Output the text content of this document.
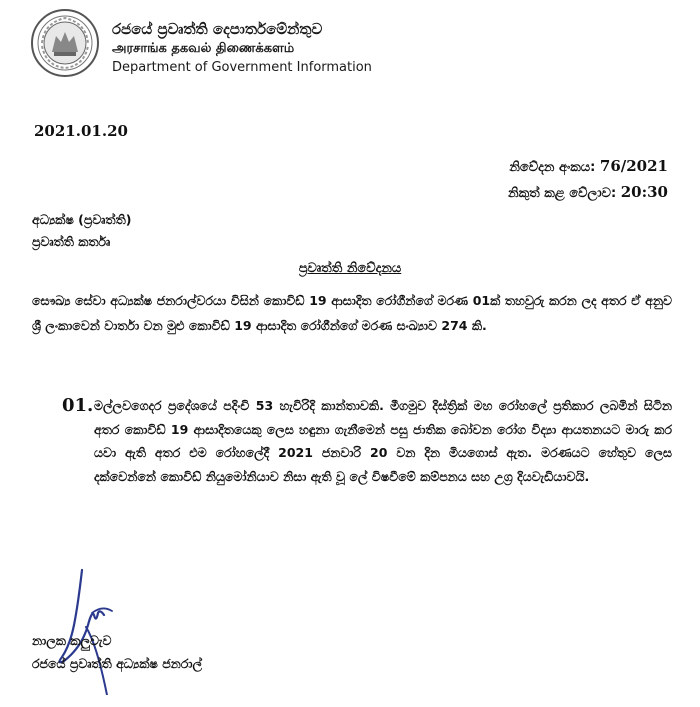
රජයේ ප්‍රවෘත්ති දෙපාර්තමේන්තුව
அரசாங்க தகவல் திணைக்களம்
Department of Government Information
2021.01.20
නිවේදන අංකය: 76/2021
නිකුත් කළ වේලාව: 20:30
අධ්‍යක්ෂ (ප්‍රවෘත්ති)
ප්‍රවෘත්ති කර්තෘ
ප්‍රවෘත්ති නිවේදනය
සෞඛ්‍ය සේවා අධ්‍යක්ෂ ජනරාල්වරයා විසින් කොවිඩ් 19 ආසාදිත රෝගීන්ගේ මරණ 01ක් තහවුරු කරන ලද අතර ඒ අනුව ශ්‍රී ලංකාවෙන් වාර්තා වන මුළු කොවිඩ් 19 ආසාදිත රෝගීන්ගේ මරණ සංඛ්‍යාව 274 කි.
01. මල්ලවගෙදර ප්‍රදේශයේ පදිංචි 53 හැවිරිදි කාන්තාවකි. මීගමුව දිස්ත්‍රික් මහ රෝහලේ ප්‍රතිකාර ලබමින් සිටින අතර කොවිඩ් 19 ආසාදිතයෙකු ලෙස හඳුනා ගැනීමෙන් පසු ජාතික බෝවන රෝග විද්‍යා ආයතනයට මාරු කර යවා ඇති අතර එම රෝහලේදී 2021 ජනවාරි 20 වන දින මියගොස් ඇත. මරණයට හේතුව ලෙස දක්වෙන්නේ කොවිඩ් නියුමෝනියාව නිසා ඇති වූ ලේ විෂවීමේ කම්පනය සහ උග්‍ර දියවැඩියාවයි.
නාලක කලුවැව
රජයේ ප්‍රවෘත්ති අධ්‍යක්ෂ ජනරාල්
